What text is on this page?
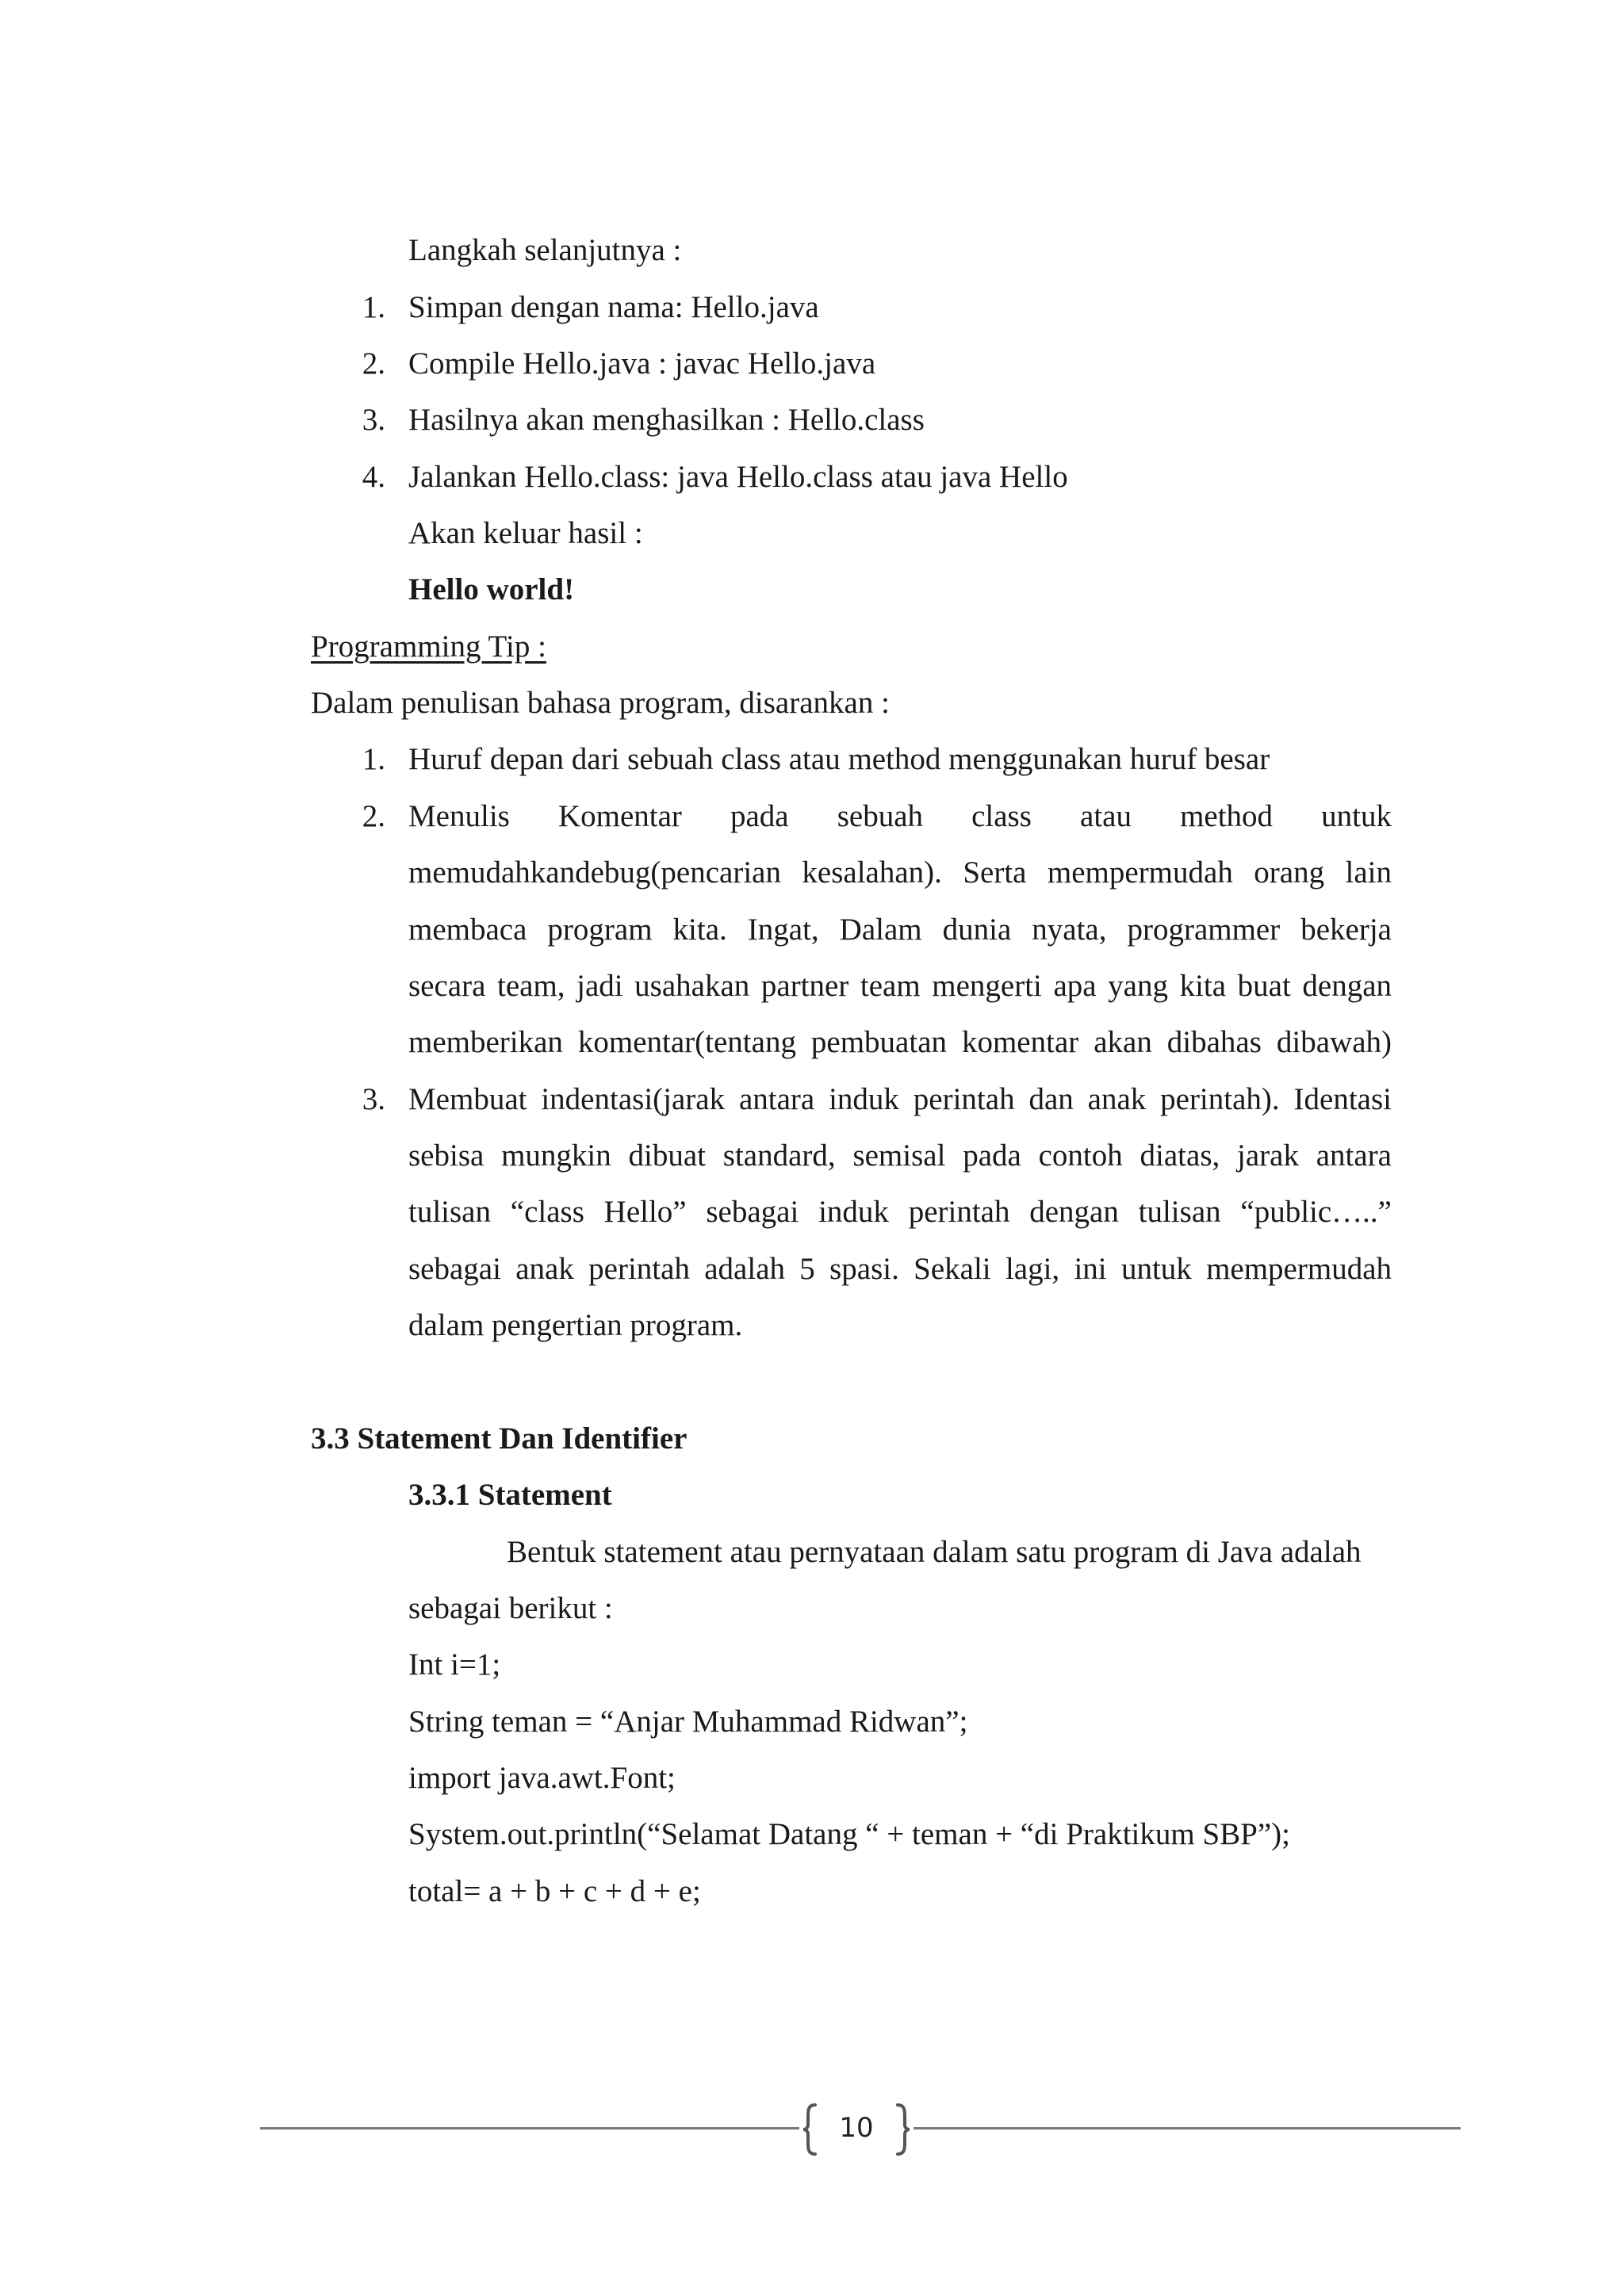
Langkah selanjutnya :
1. Simpan dengan nama: Hello.java
2. Compile Hello.java : javac Hello.java
3. Hasilnya akan menghasilkan : Hello.class
4. Jalankan Hello.class: java Hello.class atau java Hello
Akan keluar hasil :
Hello world!
Programming Tip :
Dalam penulisan bahasa program, disarankan :
1. Huruf depan dari sebuah class atau method menggunakan huruf besar
2. Menulis Komentar pada sebuah class atau method untuk
memudahkandebug(pencarian kesalahan). Serta mempermudah orang lain
membaca program kita. Ingat, Dalam dunia nyata, programmer bekerja
secara team, jadi usahakan partner team mengerti apa yang kita buat dengan
memberikan komentar(tentang pembuatan komentar akan dibahas dibawah)
3. Membuat indentasi(jarak antara induk perintah dan anak perintah). Identasi
sebisa mungkin dibuat standard, semisal pada contoh diatas, jarak antara
tulisan “class Hello” sebagai induk perintah dengan tulisan “public…..”
sebagai anak perintah adalah 5 spasi. Sekali lagi, ini untuk mempermudah
dalam pengertian program.
3.3 Statement Dan Identifier
3.3.1 Statement
Bentuk statement atau pernyataan dalam satu program di Java adalah
sebagai berikut :
Int i=1;
String teman = “Anjar Muhammad Ridwan”;
import java.awt.Font;
System.out.println(“Selamat Datang “ + teman + “di Praktikum SBP”);
total= a + b + c + d + e;
10
